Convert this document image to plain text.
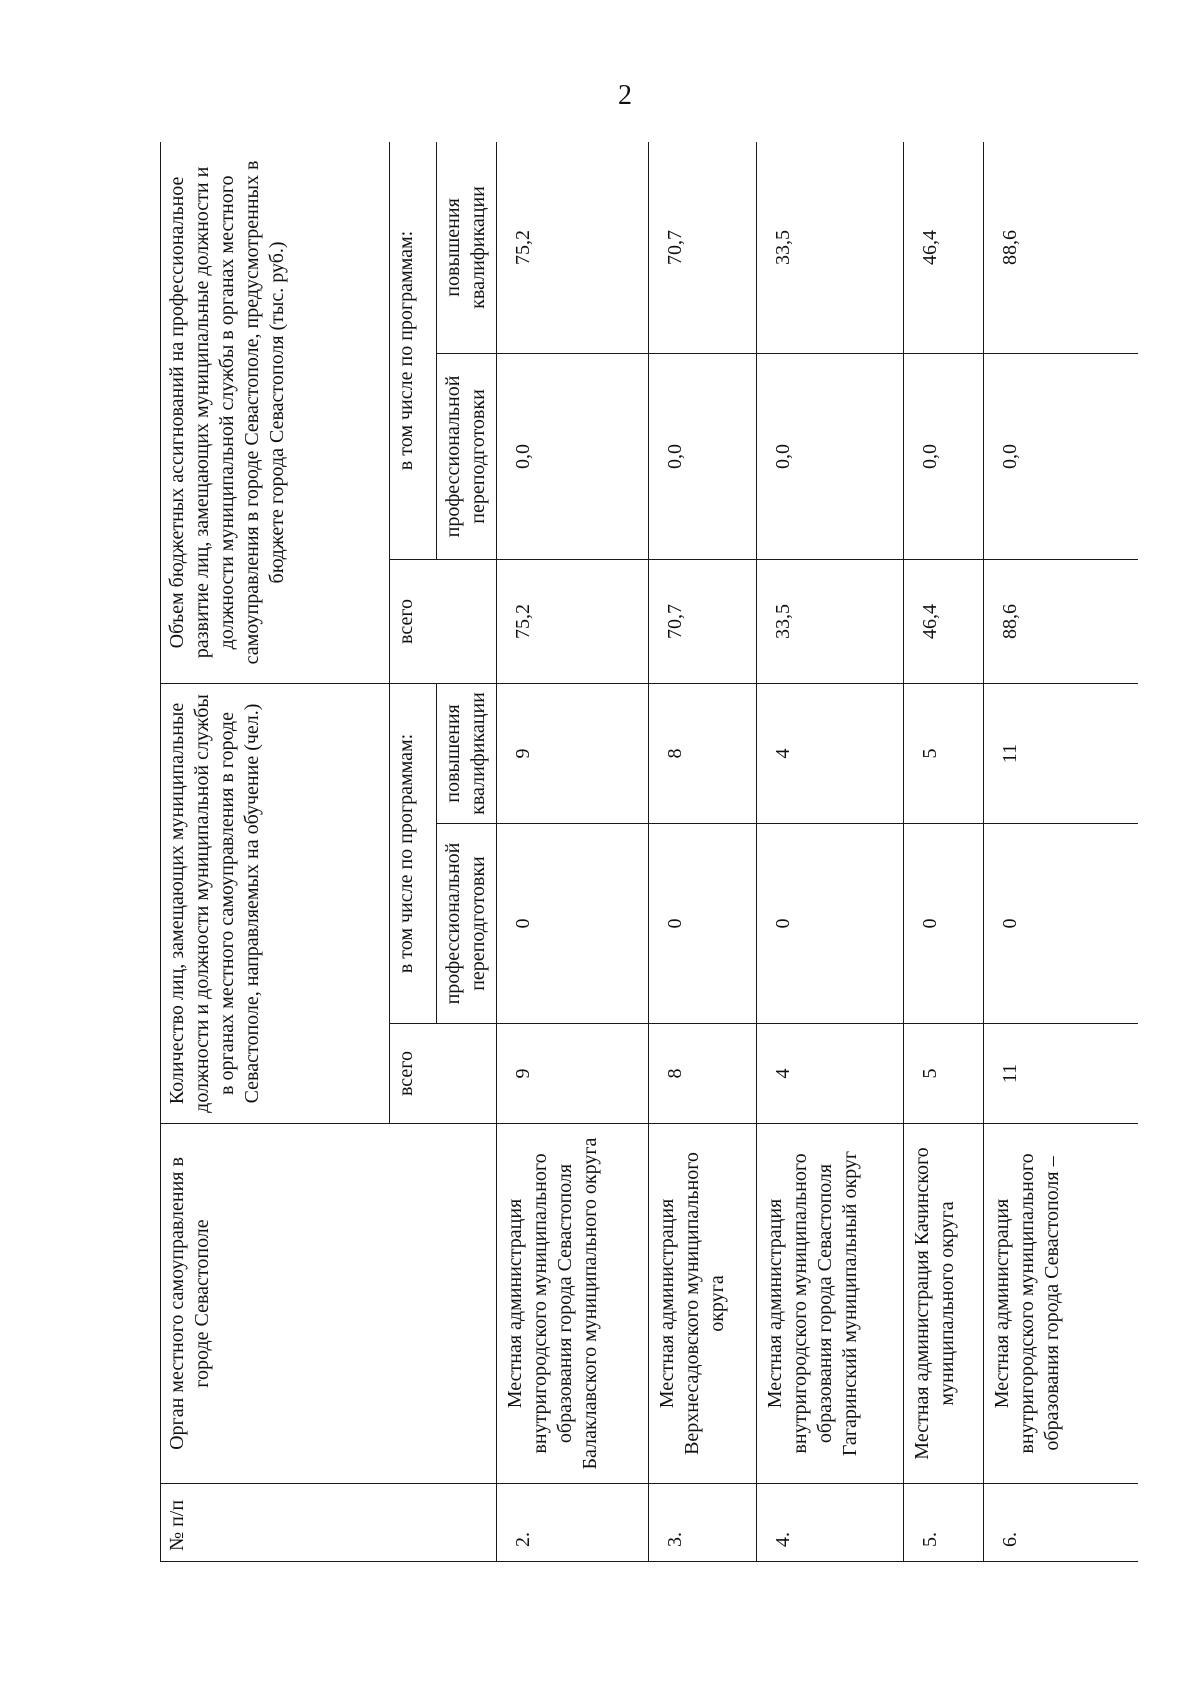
2
№ п/п	Орган местного самоуправления в городе Севастополе	Количество лиц, замещающих муниципальные должности и должности муниципальной службы в органах местного самоуправления в городе Севастополе, направляемых на обучение (чел.)			Объем бюджетных ассигнований на профессиональное развитие лиц, замещающих муниципальные должности и должности муниципальной службы в органах местного самоуправления в городе Севастополе, предусмотренных в бюджете города Севастополя (тыс. руб.)		
		всего	в том числе по программам:		всего	в том числе по программам:	
			профессиональной переподготовки	повышения квалификации		профессиональной переподготовки	повышения квалификации
2.	Местная администрация внутригородского муниципального образования города Севастополя Балаклавского муниципального округа	9	0	9	75,2	0,0	75,2
3.	Местная администрация Верхнесадовского муниципального округа	8	0	8	70,7	0,0	70,7
4.	Местная администрация внутригородского муниципального образования города Севастополя Гагаринский муниципальный округ	4	0	4	33,5	0,0	33,5
5.	Местная администрация Качинского муниципального округа	5	0	5	46,4	0,0	46,4
6.	Местная администрация внутригородского муниципального образования города Севастополя –	11	0	11	88,6	0,0	88,6
